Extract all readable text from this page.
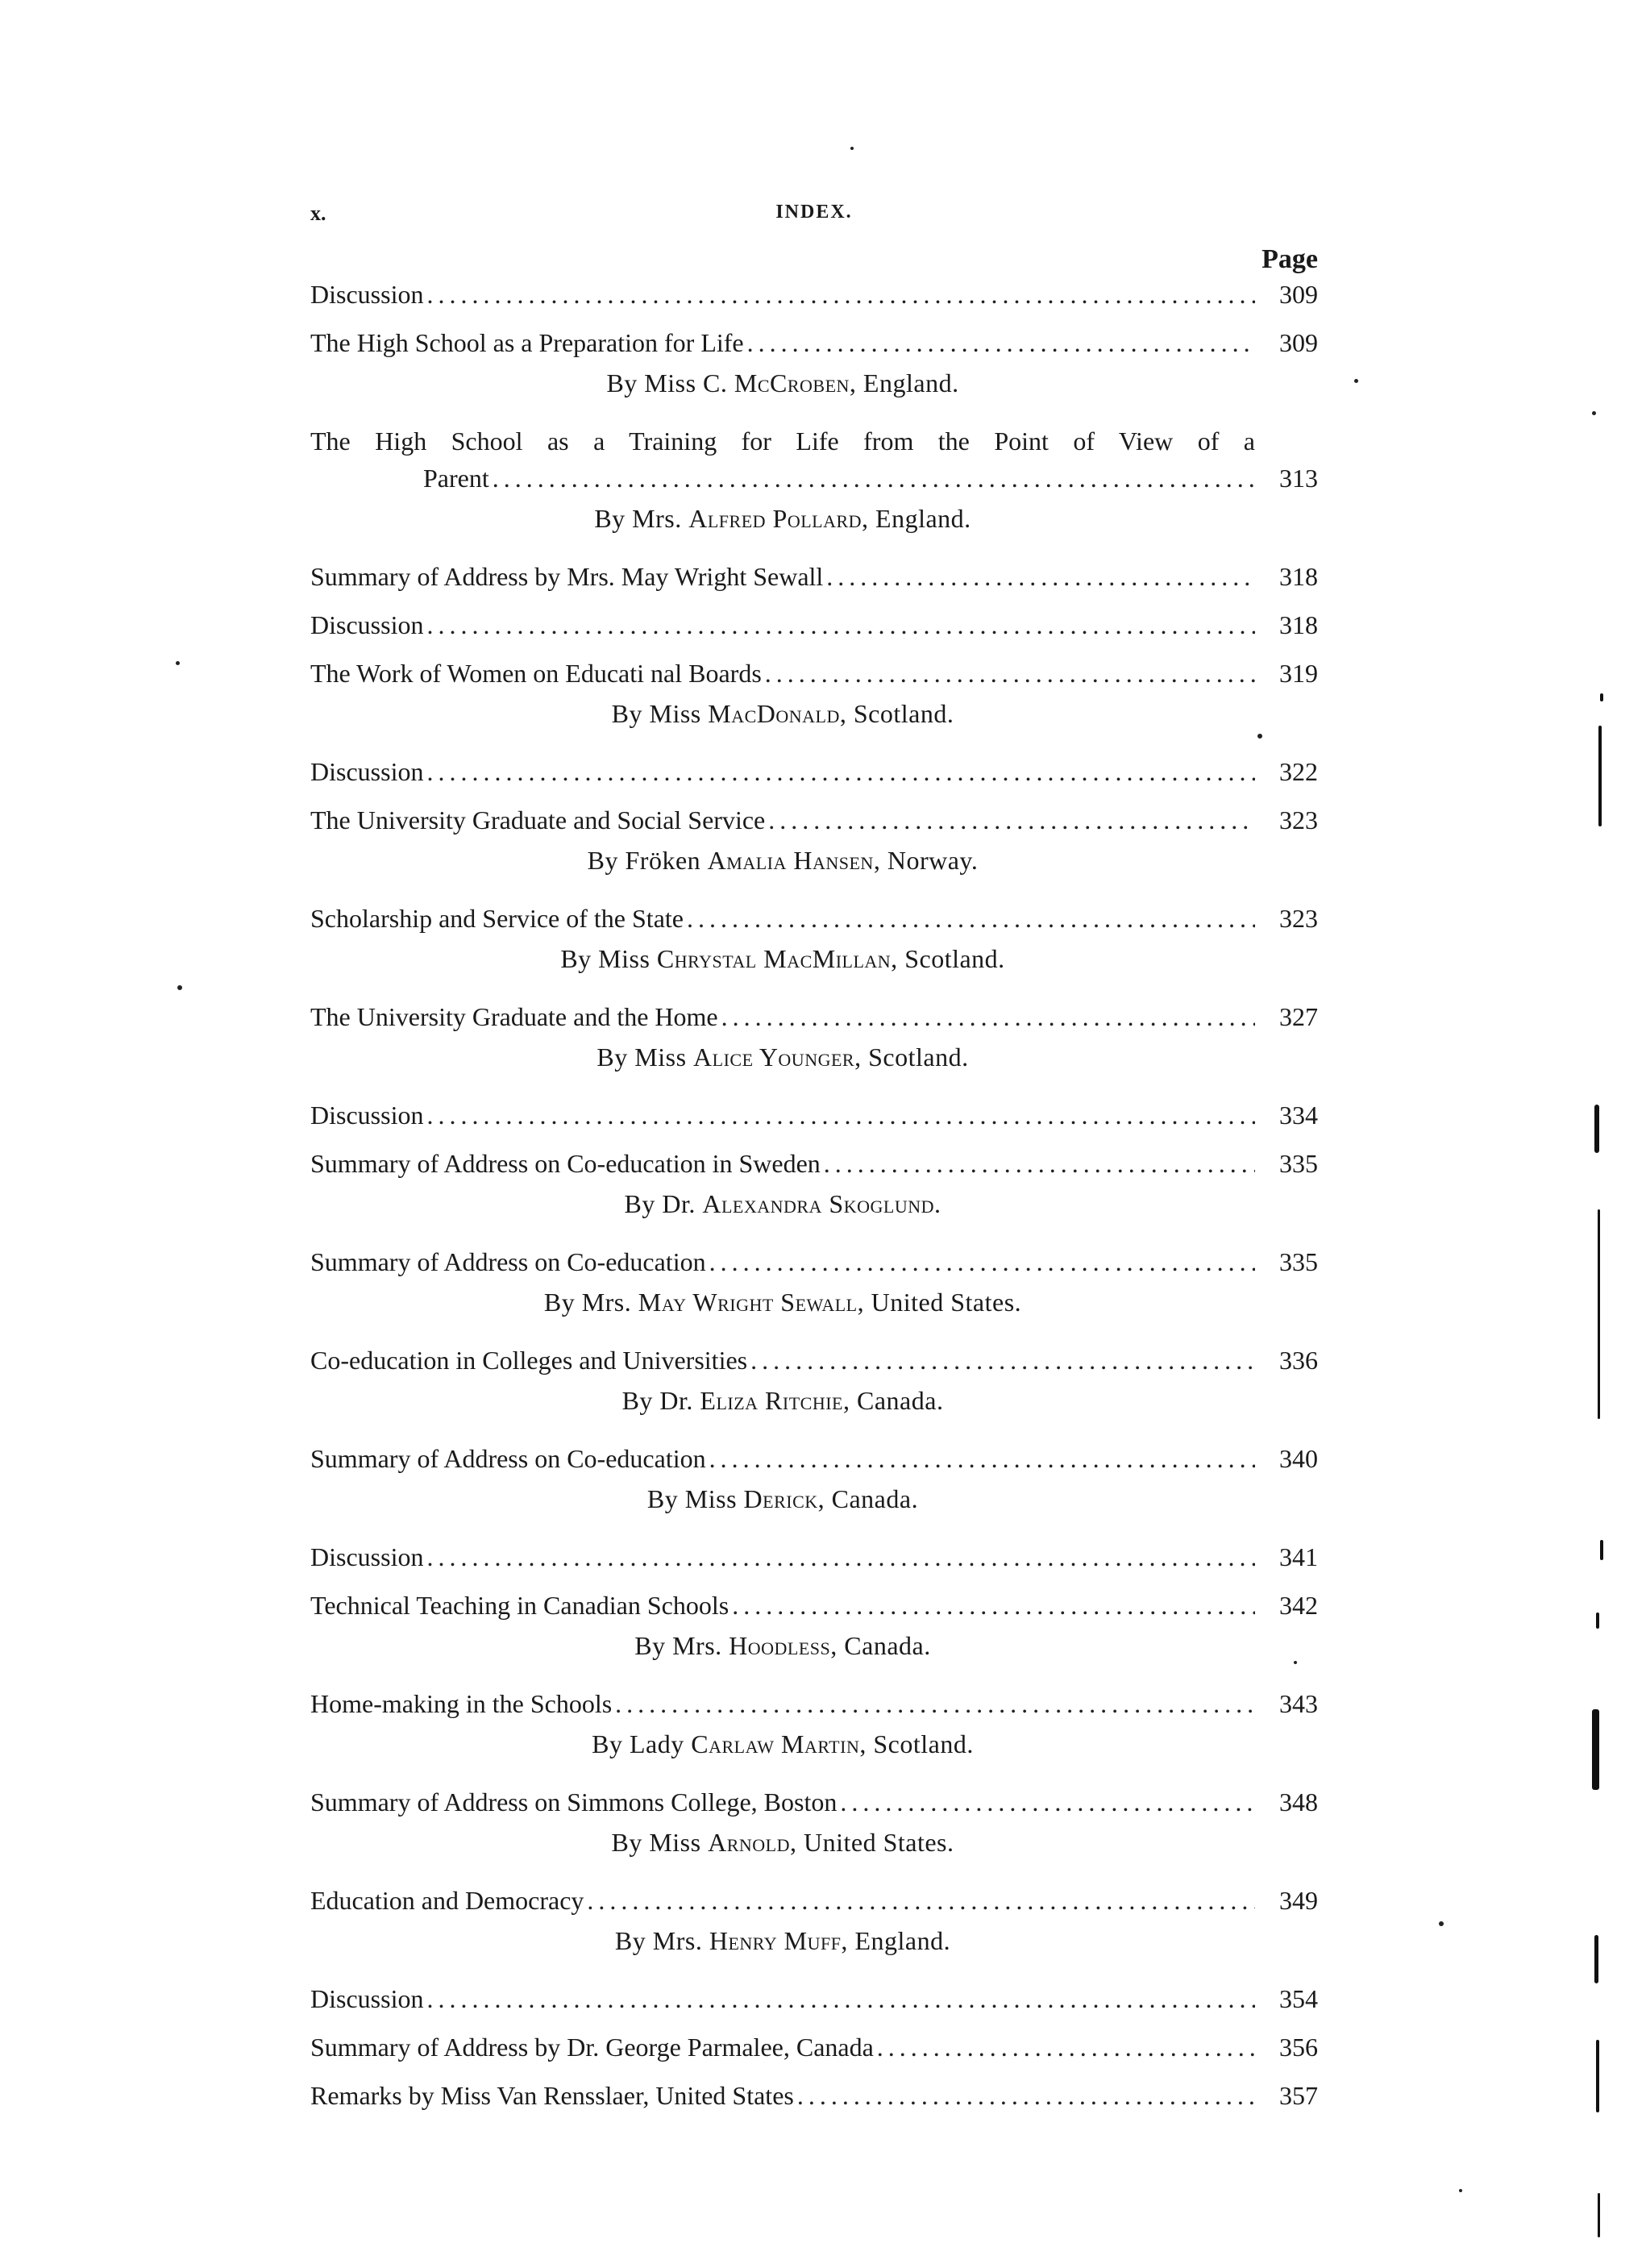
x.	INDEX.
Page
Discussion .....	309
The High School as a Preparation for Life .....	309
By Miss C. McCroben, England.
The High School as a Training for Life from the Point of View of a
Parent .....	313
By Mrs. Alfred Pollard, England.
Summary of Address by Mrs. May Wright Sewall .....	318
Discussion .....	318
The Work of Women on Educati nal Boards .....	319
By Miss MacDonald, Scotland.
Discussion .....	322
The University Graduate and Social Service .....	323
By Fröken Amalia Hansen, Norway.
Scholarship and Service of the State .....	323
By Miss Chrystal MacMillan, Scotland.
The University Graduate and the Home .....	327
By Miss Alice Younger, Scotland.
Discussion .....	334
Summary of Address on Co-education in Sweden .....	335
By Dr. Alexandra Skoglund.
Summary of Address on Co-education .....	335
By Mrs. May Wright Sewall, United States.
Co-education in Colleges and Universities .....	336
By Dr. Eliza Ritchie, Canada.
Summary of Address on Co-education .....	340
By Miss Derick, Canada.
Discussion .....	341
Technical Teaching in Canadian Schools .....	342
By Mrs. Hoodless, Canada.
Home-making in the Schools .....	343
By Lady Carlaw Martin, Scotland.
Summary of Address on Simmons College, Boston .....	348
By Miss Arnold, United States.
Education and Democracy .....	349
By Mrs. Henry Muff, England.
Discussion .....	354
Summary of Address by Dr. George Parmalee, Canada .....	356
Remarks by Miss Van Rensslaer, United States .....	357
